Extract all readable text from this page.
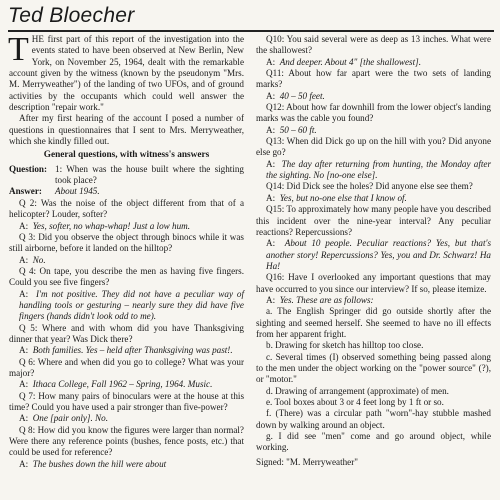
Ted Bloecher

THE first part of this report of the investigation into the events stated to have been observed at New Berlin, New York, on November 25, 1964, dealt with the remarkable account given by the witness (known by the pseudonym "Mrs. M. Merryweather") of the landing of two UFOs, and of ground activities by the occupants which could well answer the description "repair work."

After my first hearing of the account I posed a number of questions in questionnaires that I sent to Mrs. Merryweather, which she kindly filled out.

General questions, with witness's answers

Question: 1: When was the house built where the sighting took place?
Answer:	About 1945.

Q 2: Was the noise of the object different from that of a helicopter? Louder, softer?

A: Yes, softer, no whap-whap! Just a low hum.

Q 3: Did you observe the object through binocs while it was still airborne, before it landed on the hilltop?

A: No.

Q 4: On tape, you describe the men as having five fingers. Could you see five fingers?

A: I'm not positive. They did not have a peculiar way of handling tools or gesturing – nearly sure they did have five fingers (hands didn't look odd to me).

Q 5: Where and with whom did you have Thanksgiving dinner that year? Was Dick there?

A: Both families. Yes – held after Thanksgiving was past!.

Q 6: Where and when did you go to college? What was your major?

A: Ithaca College, Fall 1962 – Spring, 1964. Music.

Q 7: How many pairs of binoculars were at the house at this time? Could you have used a pair stronger than five-power?

A: One [pair only]. No.

Q 8: How did you know the figures were larger than normal? Were there any reference points (bushes, fence posts, etc.) that could be used for reference?

A: The bushes down the hill were about

Q10: You said several were as deep as 13 inches. What were the shallowest?

A: And deeper. About 4" [the shallowest].

Q11: About how far apart were the two sets of landing marks?

A: 40 – 50 feet.

Q12: About how far downhill from the lower object's landing marks was the cable you found?

A: 50 – 60 ft.

Q13: When did Dick go up on the hill with you? Did anyone else go?

A: The day after returning from hunting, the Monday after the sighting. No [no-one else].

Q14: Did Dick see the holes? Did anyone else see them?

A: Yes, but no-one else that I know of.

Q15: To approximately how many people have you described this incident over the nine-year interval? Any peculiar reactions? Repercussions?

A: About 10 people. Peculiar reactions? Yes, but that's another story! Repercussions? Yes, you and Dr. Schwarz! Ha Ha!

Q16: Have I overlooked any important questions that may have occurred to you since our interview? If so, please itemize.

A: Yes. These are as follows:

a. The English Springer did go outside shortly after the sighting and seemed herself. She seemed to have no ill effects from her apparent fright.

b. Drawing for sketch has hilltop too close.

c. Several times (I) observed something being passed along to the men under the object working on the "power source" (?), or "motor."

d. Drawing of arrangement (approximate) of men.

e. Tool boxes about 3 or 4 feet long by 1 ft or so.

f. (There) was a circular path "worn"-hay stubble mashed down by walking around an object.

g. I did see "men" come and go around object, while working.

Signed: "M. Merryweather"
